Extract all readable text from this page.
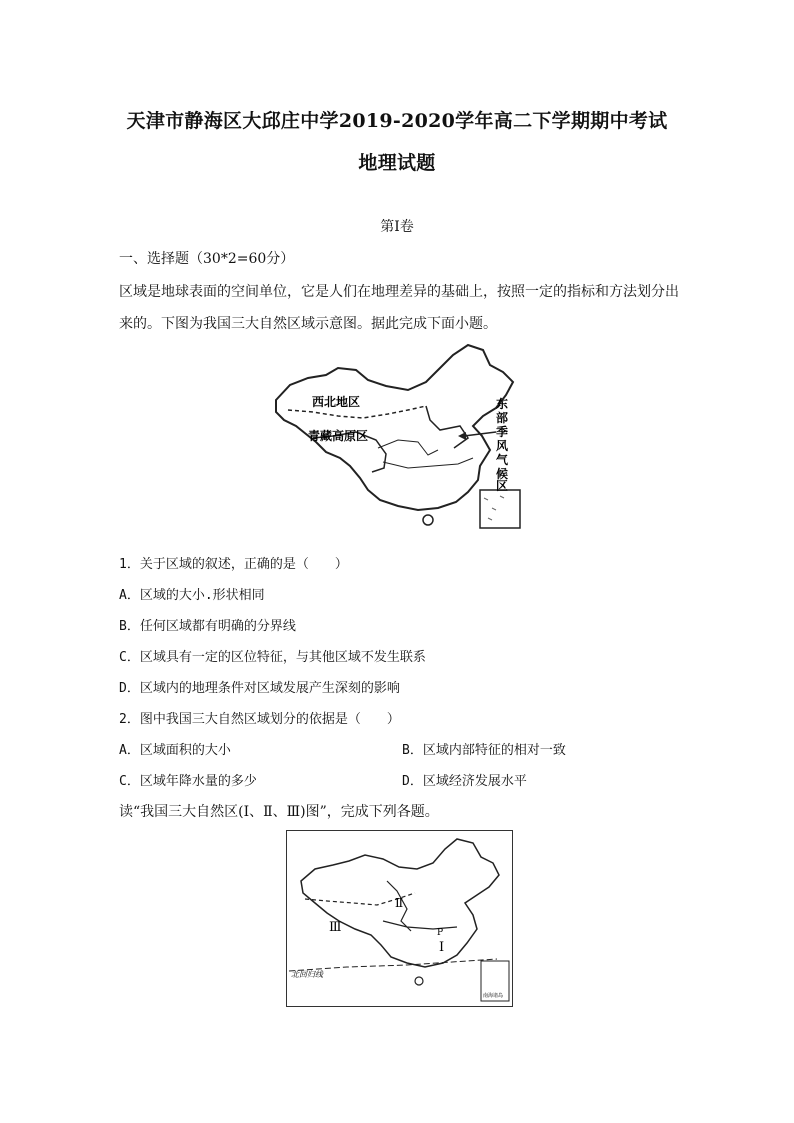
天津市静海区大邱庄中学2019-2020学年高二下学期期中考试
地理试题
第Ⅰ卷
一、选择题（30*2=60分）
区域是地球表面的空间单位，它是人们在地理差异的基础上，按照一定的指标和方法划分出
来的。下图为我国三大自然区域示意图。据此完成下面小题。
西北地区
青藏高原区
东
部
季
风
气
候
区
1．关于区域的叙述，正确的是（　　）
A．区域的大小.形状相同
B．任何区域都有明确的分界线
C．区域具有一定的区位特征，与其他区域不发生联系
D．区域内的地理条件对区域发展产生深刻的影响
2．图中我国三大自然区域划分的依据是（　　）
A．区域面积的大小	B．区域内部特征的相对一致
C．区域年降水量的多少	D．区域经济发展水平
读“我国三大自然区(Ⅰ、Ⅱ、Ⅲ)图”，完成下列各题。
Ⅲ
Ⅱ
Ⅰ
P
北回归线
南海诸岛
